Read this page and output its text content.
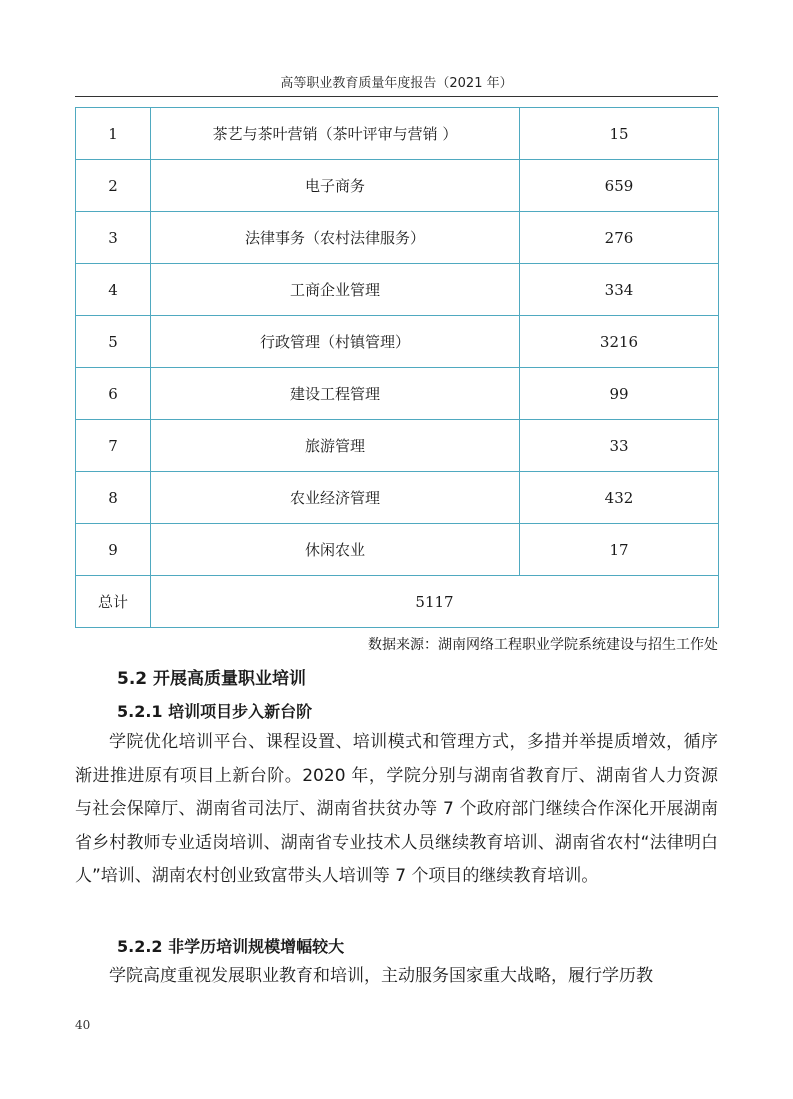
高等职业教育质量年度报告（2021 年）
1	茶艺与茶叶营销（茶叶评审与营销 ）	15
2	电子商务	659
3	法律事务（农村法律服务）	276
4	工商企业管理	334
5	行政管理（村镇管理）	3216
6	建设工程管理	99
7	旅游管理	33
8	农业经济管理	432
9	休闲农业	17
总计	5117	
数据来源：湖南网络工程职业学院系统建设与招生工作处
5.2 开展高质量职业培训
5.2.1 培训项目步入新台阶

学院优化培训平台、课程设置、培训模式和管理方式，多措并举提质增效，循序渐进推进原有项目上新台阶。2020 年，学院分别与湖南省教育厅、湖南省人力资源与社会保障厅、湖南省司法厅、湖南省扶贫办等 7 个政府部门继续合作深化开展湖南省乡村教师专业适岗培训、湖南省专业技术人员继续教育培训、湖南省农村“法律明白人”培训、湖南农村创业致富带头人培训等 7 个项目的继续教育培训。

5.2.2 非学历培训规模增幅较大

学院高度重视发展职业教育和培训，主动服务国家重大战略，履行学历教

40
